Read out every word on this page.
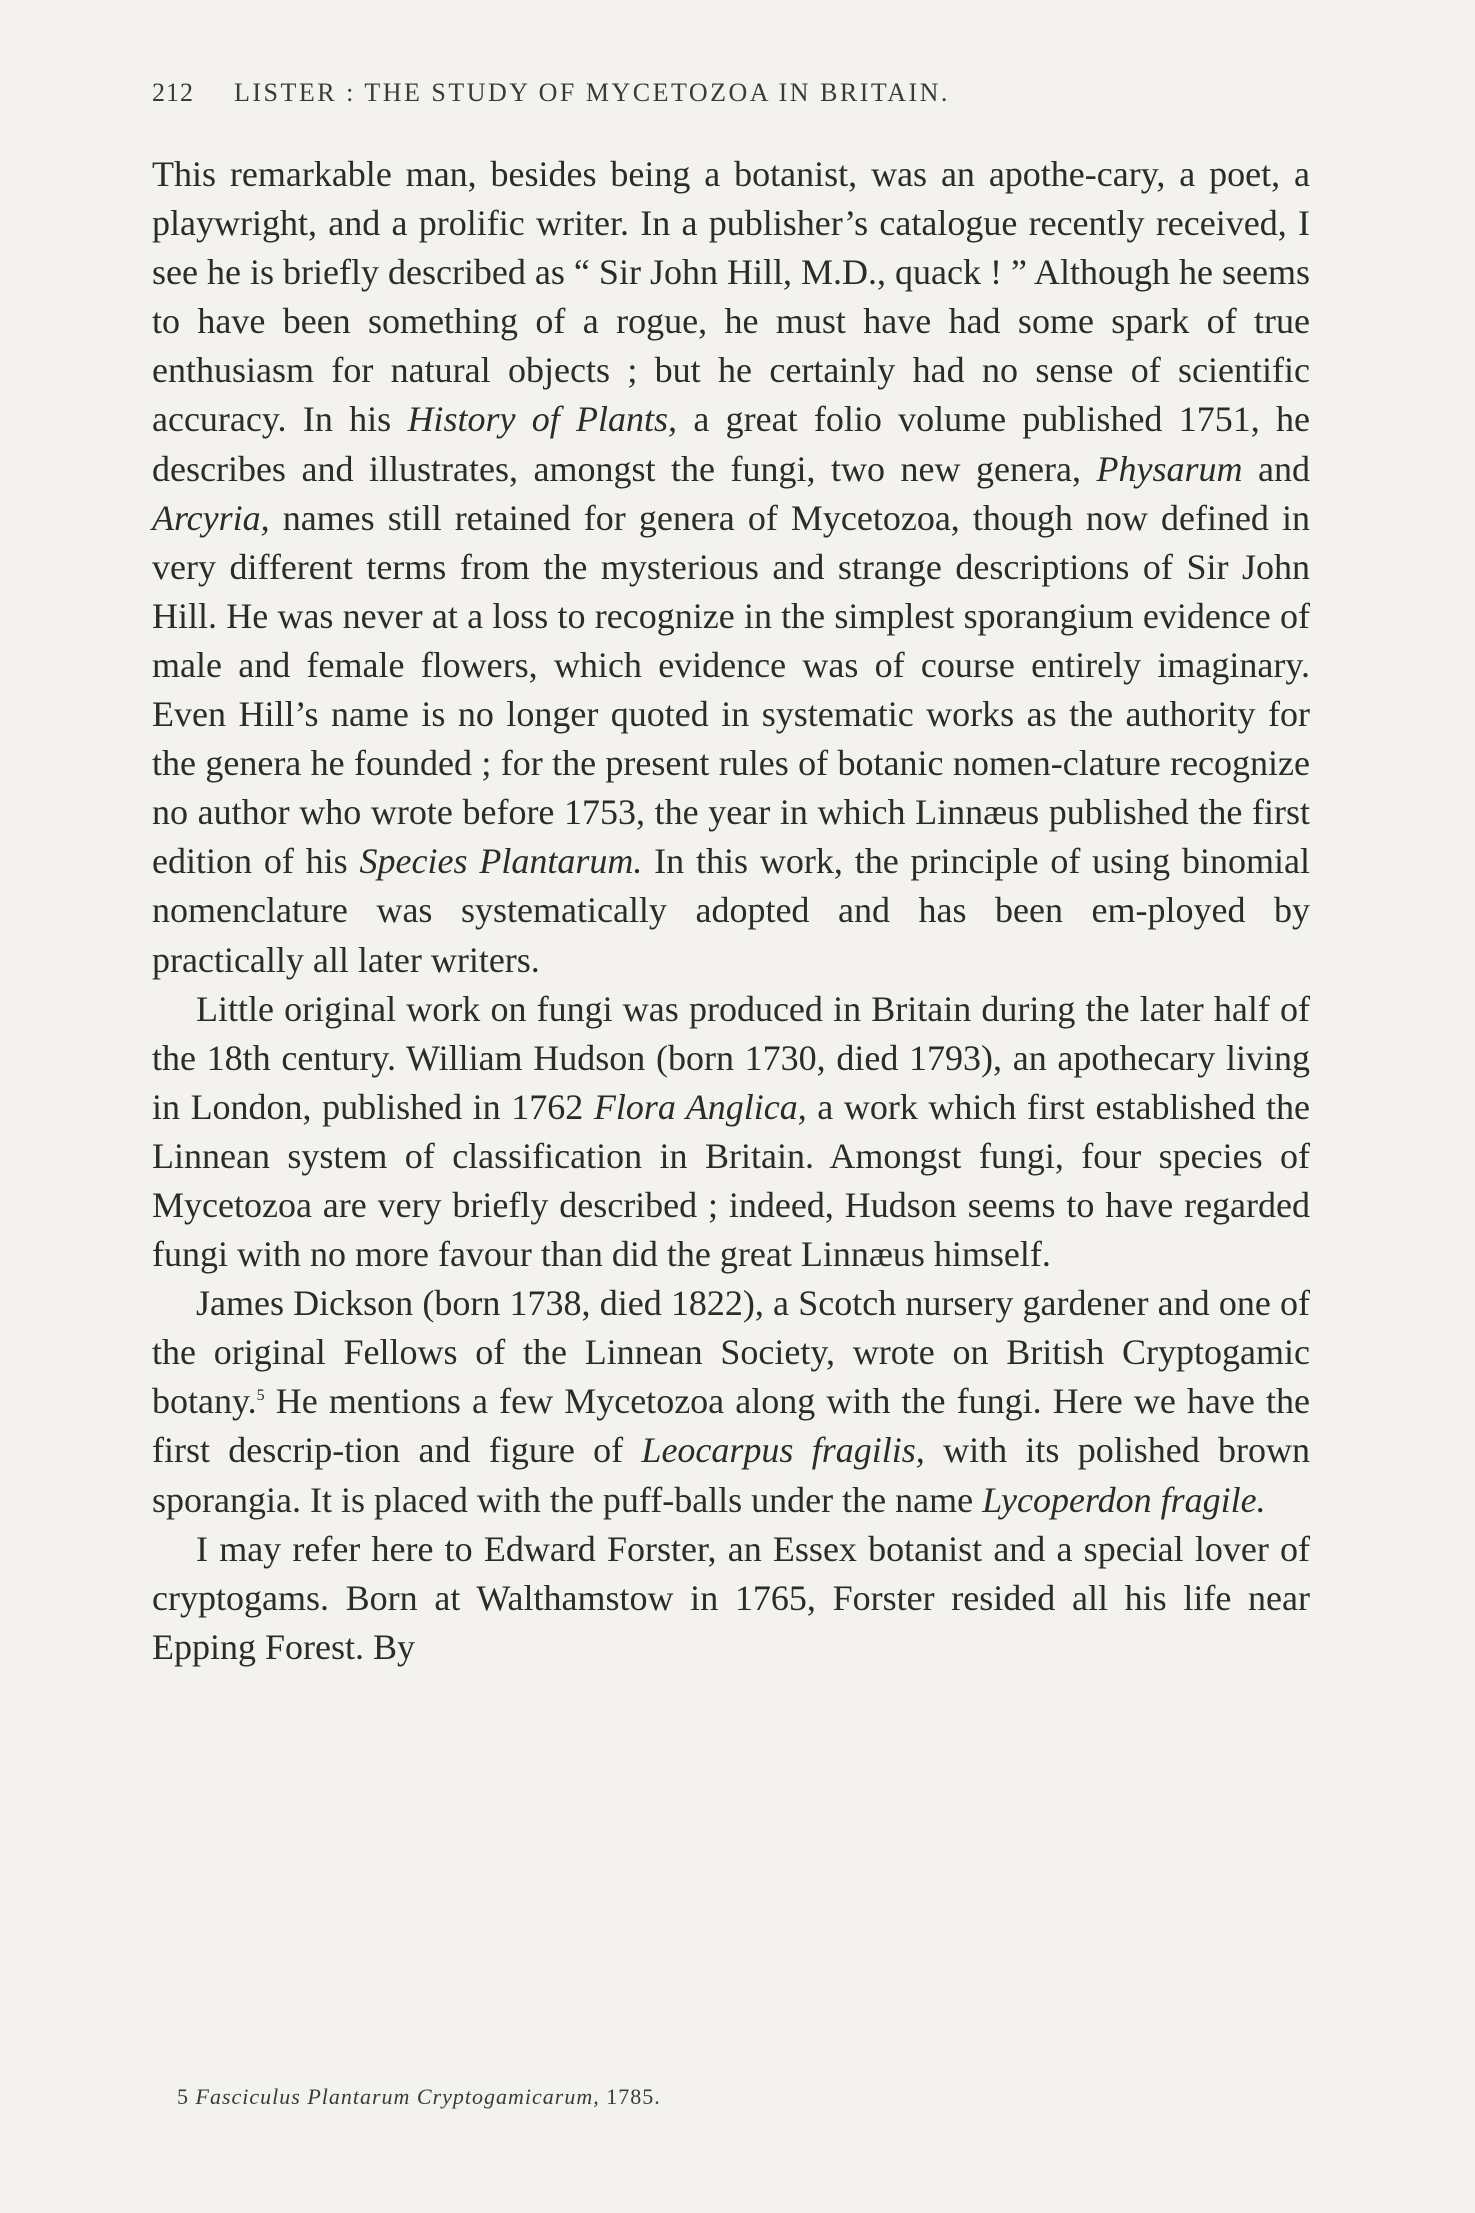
212 LISTER : THE STUDY OF MYCETOZOA IN BRITAIN.

This remarkable man, besides being a botanist, was an apothe-cary, a poet, a playwright, and a prolific writer. In a publisher’s catalogue recently received, I see he is briefly described as “ Sir John Hill, M.D., quack ! ” Although he seems to have been something of a rogue, he must have had some spark of true enthusiasm for natural objects ; but he certainly had no sense of scientific accuracy. In his History of Plants, a great folio volume published 1751, he describes and illustrates, amongst the fungi, two new genera, Physarum and Arcyria, names still retained for genera of Mycetozoa, though now defined in very different terms from the mysterious and strange descriptions of Sir John Hill. He was never at a loss to recognize in the simplest sporangium evidence of male and female flowers, which evidence was of course entirely imaginary. Even Hill’s name is no longer quoted in systematic works as the authority for the genera he founded ; for the present rules of botanic nomen-clature recognize no author who wrote before 1753, the year in which Linnæus published the first edition of his Species Plantarum. In this work, the principle of using binomial nomenclature was systematically adopted and has been em-ployed by practically all later writers.

Little original work on fungi was produced in Britain during the later half of the 18th century. William Hudson (born 1730, died 1793), an apothecary living in London, published in 1762 Flora Anglica, a work which first established the Linnean system of classification in Britain. Amongst fungi, four species of Mycetozoa are very briefly described ; indeed, Hudson seems to have regarded fungi with no more favour than did the great Linnæus himself.

James Dickson (born 1738, died 1822), a Scotch nursery gardener and one of the original Fellows of the Linnean Society, wrote on British Cryptogamic botany.$^5$ He mentions a few Mycetozoa along with the fungi. Here we have the first descrip-tion and figure of Leocarpus fragilis, with its polished brown sporangia. It is placed with the puff-balls under the name Lycoperdon fragile.

I may refer here to Edward Forster, an Essex botanist and a special lover of cryptogams. Born at Walthamstow in 1765, Forster resided all his life near Epping Forest. By

5 Fasciculus Plantarum Cryptogamicarum, 1785.
